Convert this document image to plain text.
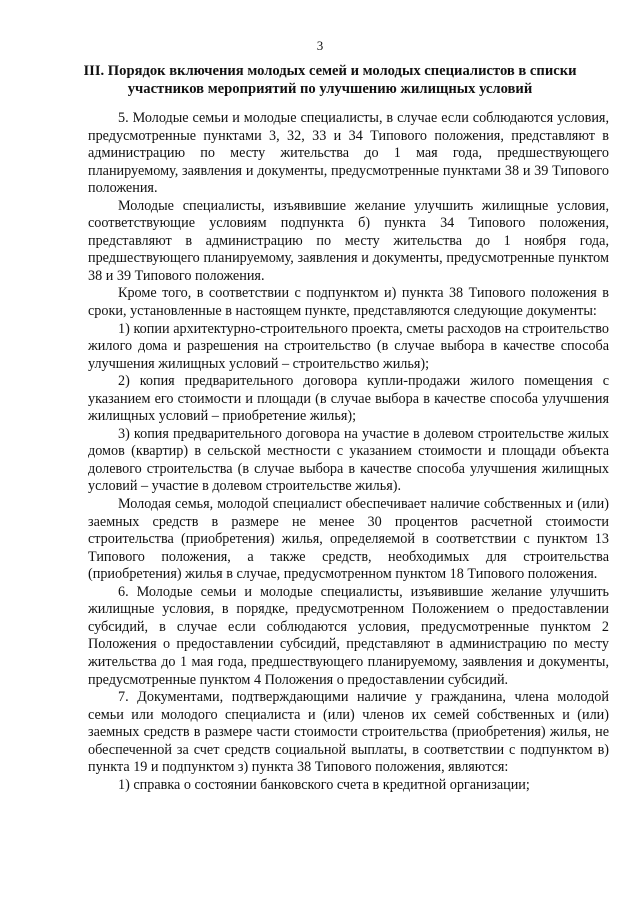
3
III. Порядок включения молодых семей и молодых специалистов в списки участников мероприятий по улучшению жилищных условий

5. Молодые семьи и молодые специалисты, в случае если соблюдаются условия, предусмотренные пунктами 3, 32, 33 и 34 Типового положения, представляют в администрацию по месту жительства до 1 мая года, предшествующего планируемому, заявления и документы, предусмотренные пунктами 38 и 39 Типового положения.

Молодые специалисты, изъявившие желание улучшить жилищные условия, соответствующие условиям подпункта б) пункта 34 Типового положения, представляют в администрацию по месту жительства до 1 ноября года, предшествующего планируемому, заявления и документы, предусмотренные пунктом 38 и 39 Типового положения.

Кроме того, в соответствии с подпунктом и) пункта 38 Типового положения в сроки, установленные в настоящем пункте, представляются следующие документы:

1) копии архитектурно-строительного проекта, сметы расходов на строительство жилого дома и разрешения на строительство (в случае выбора в качестве способа улучшения жилищных условий – строительство жилья);

2) копия предварительного договора купли-продажи жилого помещения с указанием его стоимости и площади (в случае выбора в качестве способа улучшения жилищных условий – приобретение жилья);

3) копия предварительного договора на участие в долевом строительстве жилых домов (квартир) в сельской местности с указанием стоимости и площади объекта долевого строительства (в случае выбора в качестве способа улучшения жилищных условий – участие в долевом строительстве жилья).

Молодая семья, молодой специалист обеспечивает наличие собственных и (или) заемных средств в размере не менее 30 процентов расчетной стоимости строительства (приобретения) жилья, определяемой в соответствии с пунктом 13 Типового положения, а также средств, необходимых для строительства (приобретения) жилья в случае, предусмотренном пунктом 18 Типового положения.

6. Молодые семьи и молодые специалисты, изъявившие желание улучшить жилищные условия, в порядке, предусмотренном Положением о предоставлении субсидий, в случае если соблюдаются условия, предусмотренные пунктом 2 Положения о предоставлении субсидий, представляют в администрацию по месту жительства до 1 мая года, предшествующего планируемому, заявления и документы, предусмотренные пунктом 4 Положения о предоставлении субсидий.

7. Документами, подтверждающими наличие у гражданина, члена молодой семьи или молодого специалиста и (или) членов их семей собственных и (или) заемных средств в размере части стоимости строительства (приобретения) жилья, не обеспеченной за счет средств социальной выплаты, в соответствии с подпунктом в) пункта 19 и подпунктом з) пункта 38 Типового положения, являются:

1) справка о состоянии банковского счета в кредитной организации;
